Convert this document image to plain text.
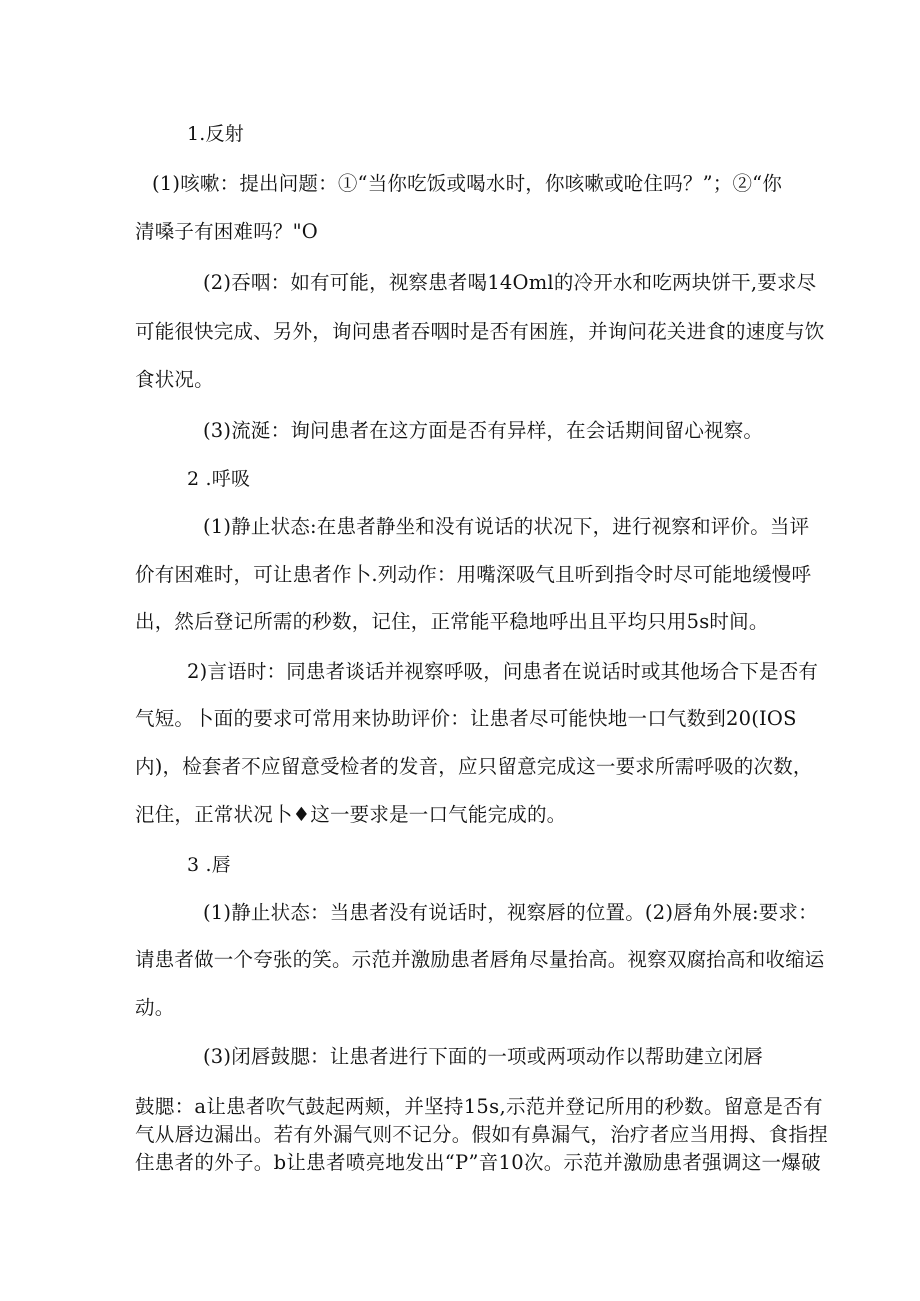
1.反射
(1)咳嗽：提出问题：①“当你吃饭或喝水时，你咳嗽或呛住吗？”；②“你
清嗓子有困难吗？"O
(2)吞咽：如有可能，视察患者喝14Oml的冷开水和吃两块饼干,要求尽
可能很快完成、另外，询问患者吞咽时是否有困旌，并询问花关进食的速度与饮
食状况。
(3)流涎：询问患者在这方面是否有异样，在会话期间留心视察。
2 .呼吸
(1)静止状态:在患者静坐和没有说话的状况下，进行视察和评价。当评
价有困难时，可让患者作卜.列动作：用嘴深吸气且听到指令时尽可能地缓慢呼
出，然后登记所需的秒数，记住，正常能平稳地呼出且平均只用5s时间。
2)言语时：同患者谈话并视察呼吸，问患者在说话时或其他场合下是否有
气短。卜面的要求可常用来协助评价：让患者尽可能快地一口气数到20(IOS
内)，检套者不应留意受检者的发音，应只留意完成这一要求所需呼吸的次数，
汜住，正常状况卜♦这一要求是一口气能完成的。
3 .唇
(1)静止状态：当患者没有说话时，视察唇的位置。(2)唇角外展:要求：
请患者做一个夸张的笑。示范并激励患者唇角尽量抬高。视察双腐抬高和收缩运
动。
(3)闭唇鼓腮：让患者进行下面的一项或两项动作以帮助建立闭唇
鼓腮：a让患者吹气鼓起两颊，并坚持15s,示范并登记所用的秒数。留意是否有
气从唇边漏出。若有外漏气则不记分。假如有鼻漏气，治疗者应当用拇、食指捏
住患者的外子。b让患者喷亮地发出“P”音10次。示范并激励患者强调这一爆破
